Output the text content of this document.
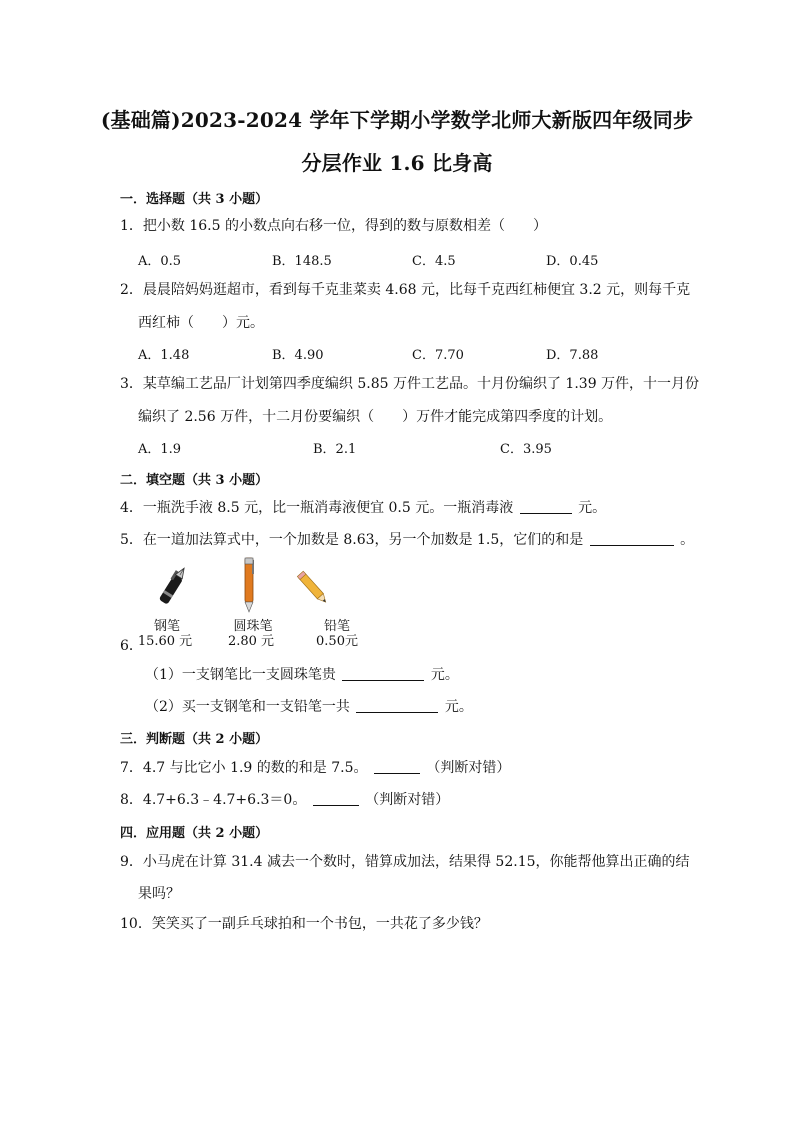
(基础篇)2023-2024 学年下学期小学数学北师大新版四年级同步
分层作业 1.6 比身高
一．选择题（共 3 小题）
1．把小数 16.5 的小数点向右移一位，得到的数与原数相差（　　）
A．0.5	B．148.5	C．4.5	D．0.45
2．晨晨陪妈妈逛超市，看到每千克韭菜卖 4.68 元，比每千克西红柿便宜 3.2 元，则每千克
西红柿（　　）元。
A．1.48	B．4.90	C．7.70	D．7.88
3．某草编工艺品厂计划第四季度编织 5.85 万件工艺品。十月份编织了 1.39 万件，十一月份
编织了 2.56 万件，十二月份要编织（　　）万件才能完成第四季度的计划。
A．1.9	B．2.1	C．3.95
二．填空题（共 3 小题）
4．一瓶洗手液 8.5 元，比一瓶消毒液便宜 0.5 元。一瓶消毒液	元。
5．在一道加法算式中，一个加数是 8.63，另一个加数是 1.5，它们的和是	。
钢笔	圆珠笔	铅笔
6．
15.60 元	2.80 元	0.50元
（1）一支钢笔比一支圆珠笔贵	元。
（2）买一支钢笔和一支铅笔一共	元。
三．判断题（共 2 小题）
7．4.7 与比它小 1.9 的数的和是 7.5。	（判断对错）
8．4.7+6.3﹣4.7+6.3＝0。	（判断对错）
四．应用题（共 2 小题）
9．小马虎在计算 31.4 减去一个数时，错算成加法，结果得 52.15，你能帮他算出正确的结
果吗？
10．笑笑买了一副乒乓球拍和一个书包，一共花了多少钱？
